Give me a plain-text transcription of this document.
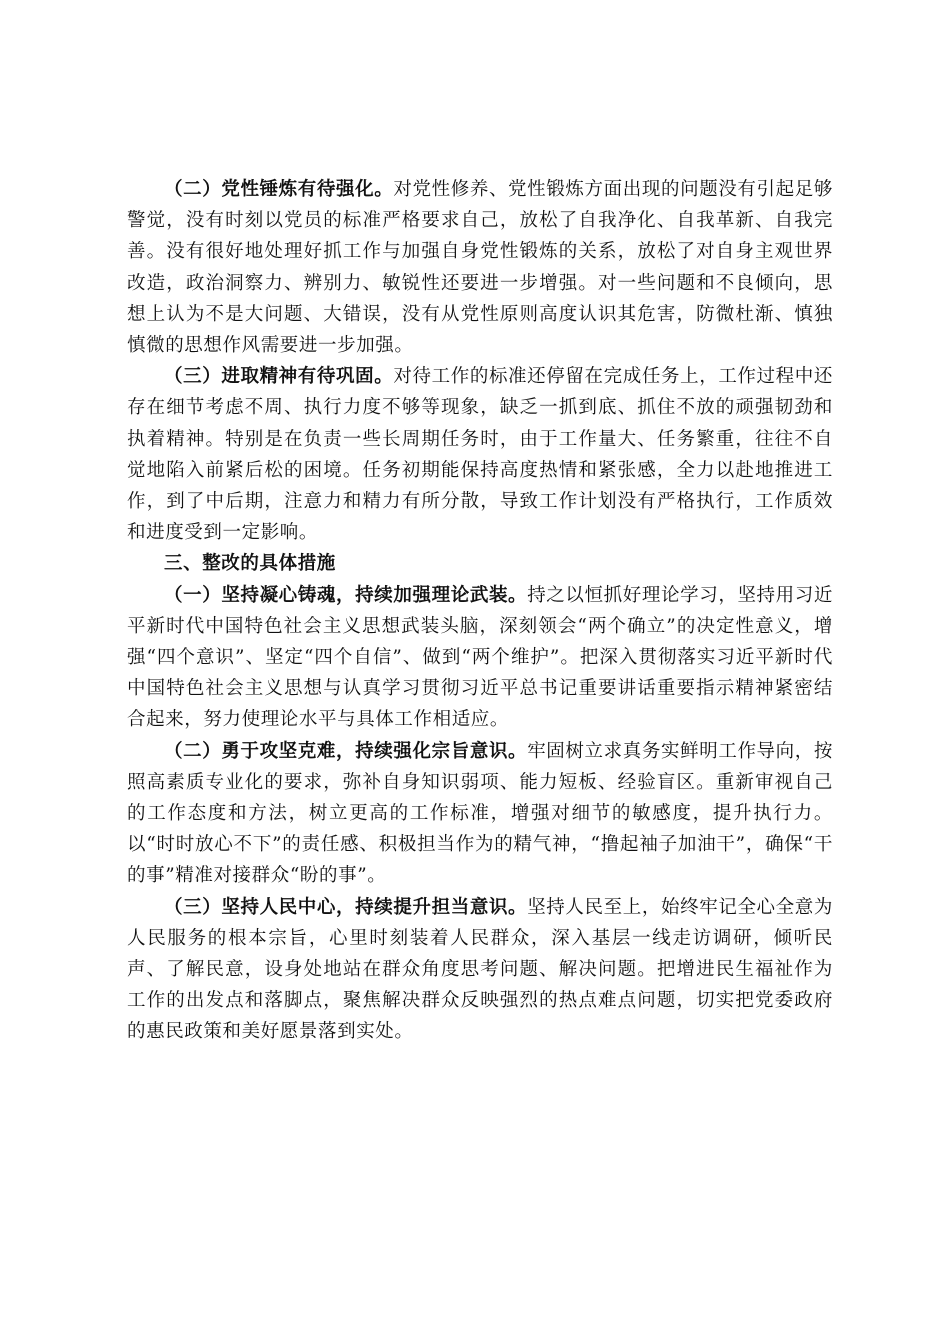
（二）党性锤炼有待强化。对党性修养、党性锻炼方面出现的问题没有引起足够警觉，没有时刻以党员的标准严格要求自己，放松了自我净化、自我革新、自我完善。没有很好地处理好抓工作与加强自身党性锻炼的关系，放松了对自身主观世界改造，政治洞察力、辨别力、敏锐性还要进一步增强。对一些问题和不良倾向，思想上认为不是大问题、大错误，没有从党性原则高度认识其危害，防微杜渐、慎独慎微的思想作风需要进一步加强。

（三）进取精神有待巩固。对待工作的标准还停留在完成任务上，工作过程中还存在细节考虑不周、执行力度不够等现象，缺乏一抓到底、抓住不放的顽强韧劲和执着精神。特别是在负责一些长周期任务时，由于工作量大、任务繁重，往往不自觉地陷入前紧后松的困境。任务初期能保持高度热情和紧张感，全力以赴地推进工作，到了中后期，注意力和精力有所分散，导致工作计划没有严格执行，工作质效和进度受到一定影响。

三、整改的具体措施

（一）坚持凝心铸魂，持续加强理论武装。持之以恒抓好理论学习，坚持用习近平新时代中国特色社会主义思想武装头脑，深刻领会“两个确立”的决定性意义，增强“四个意识”、坚定“四个自信”、做到“两个维护”。把深入贯彻落实习近平新时代中国特色社会主义思想与认真学习贯彻习近平总书记重要讲话重要指示精神紧密结合起来，努力使理论水平与具体工作相适应。

（二）勇于攻坚克难，持续强化宗旨意识。牢固树立求真务实鲜明工作导向，按照高素质专业化的要求，弥补自身知识弱项、能力短板、经验盲区。重新审视自己的工作态度和方法，树立更高的工作标准，增强对细节的敏感度，提升执行力。以“时时放心不下”的责任感、积极担当作为的精气神，“撸起袖子加油干”，确保“干的事”精准对接群众“盼的事”。

（三）坚持人民中心，持续提升担当意识。坚持人民至上，始终牢记全心全意为人民服务的根本宗旨，心里时刻装着人民群众，深入基层一线走访调研，倾听民声、了解民意，设身处地站在群众角度思考问题、解决问题。把增进民生福祉作为工作的出发点和落脚点，聚焦解决群众反映强烈的热点难点问题，切实把党委政府的惠民政策和美好愿景落到实处。
